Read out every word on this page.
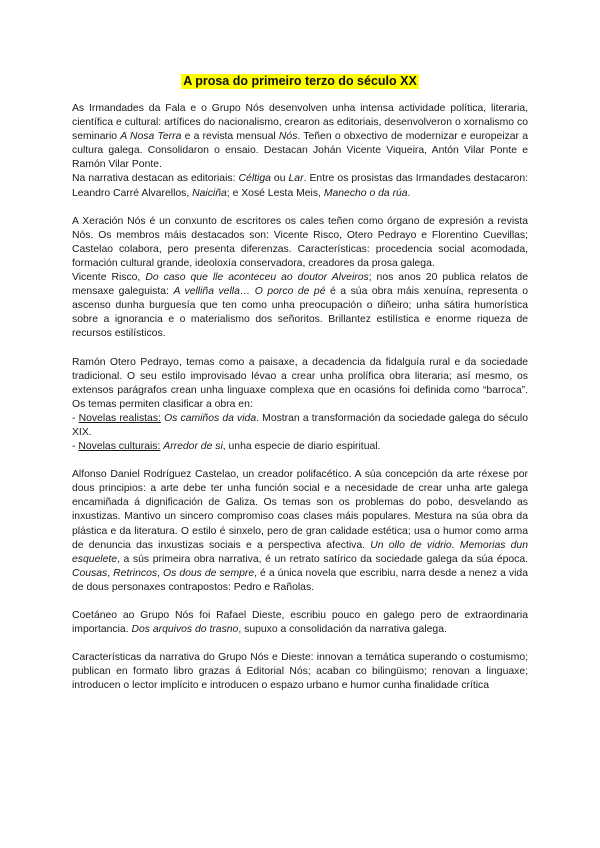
A prosa do primeiro terzo do século XX

As Irmandades da Fala e o Grupo Nós desenvolven unha intensa actividade política, literaria, científica e cultural: artífices do nacionalismo, crearon as editoriais, desenvolveron o xornalismo co seminario A Nosa Terra e a revista mensual Nós. Teñen o obxectivo de modernizar e europeizar a cultura galega. Consolidaron o ensaio. Destacan Johán Vicente Viqueira, Antón Vilar Ponte e Ramón Vilar Ponte.

Na narrativa destacan as editoriais: Céltiga ou Lar. Entre os prosistas das Irmandades destacaron: Leandro Carré Alvarellos, Naiciña; e Xosé Lesta Meis, Manecho o da rúa.

A Xeración Nós é un conxunto de escritores os cales teñen como órgano de expresión a revista Nós. Os membros máis destacados son: Vicente Risco, Otero Pedrayo e Florentino Cuevillas; Castelao colabora, pero presenta diferenzas. Características: procedencia social acomodada, formación cultural grande, ideoloxía conservadora, creadores da prosa galega.

Vicente Risco, Do caso que lle aconteceu ao doutor Alveiros; nos anos 20 publica relatos de mensaxe galeguista: A velliña vella… O porco de pé é a súa obra máis xenuína, representa o ascenso dunha burguesía que ten como unha preocupación o diñeiro; unha sátira humorística sobre a ignorancia e o materialismo dos señoritos. Brillantez estilística e enorme riqueza de recursos estilísticos.

Ramón Otero Pedrayo, temas como a paisaxe, a decadencia da fidalguía rural e da sociedade tradicional. O seu estilo improvisado lévao a crear unha prolífica obra literaria; así mesmo, os extensos parágrafos crean unha linguaxe complexa que en ocasións foi definida como “barroca”. Os temas permiten clasificar a obra en:

- Novelas realistas: Os camiños da vida. Mostran a transformación da sociedade galega do século XIX.

- Novelas culturais: Arredor de si, unha especie de diario espiritual.

Alfonso Daniel Rodríguez Castelao, un creador polifacético. A súa concepción da arte réxese por dous principios: a arte debe ter unha función social e a necesidade de crear unha arte galega encamiñada á dignificación de Galiza. Os temas son os problemas do pobo, desvelando as inxustizas. Mantivo un sincero compromiso coas clases máis populares. Mestura na súa obra da plástica e da literatura. O estilo é sinxelo, pero de gran calidade estética; usa o humor como arma de denuncia das inxustizas sociais e a perspectiva afectiva. Un ollo de vidrio. Memorias dun esquelete, a sús primeira obra narrativa, é un retrato satírico da sociedade galega da súa época. Cousas, Retrincos, Os dous de sempre, é a única novela que escribiu, narra desde a nenez a vida de dous personaxes contrapostos: Pedro e Rañolas.

Coetáneo ao Grupo Nós foi Rafael Dieste, escribiu pouco en galego pero de extraordinaria importancia. Dos arquivos do trasno, supuxo a consolidación da narrativa galega.

Características da narrativa do Grupo Nós e Dieste: innovan a temática superando o costumismo; publican en formato libro grazas á Editorial Nós; acaban co bilingüismo; renovan a linguaxe; introducen o lector implícito e introducen o espazo urbano e humor cunha finalidade crítica
